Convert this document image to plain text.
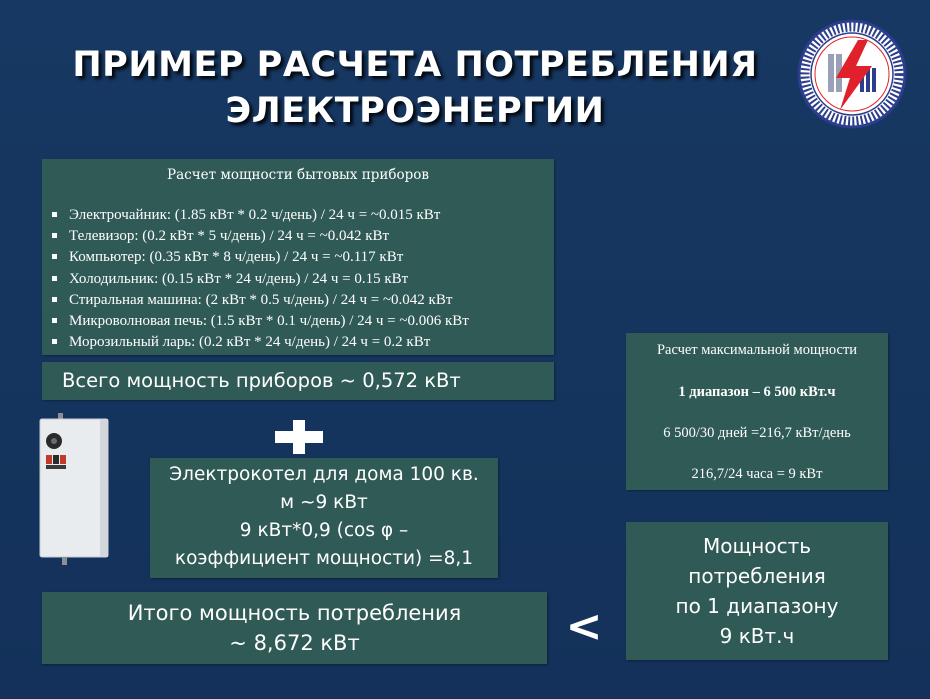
ПРИМЕР РАСЧЕТА ПОТРЕБЛЕНИЯ
ЭЛЕКТРОЭНЕРГИИ
Расчет мощности бытовых приборов
Электрочайник: (1.85 кВт * 0.2 ч/день) / 24 ч = ~0.015 кВт
Телевизор: (0.2 кВт * 5 ч/день) / 24 ч = ~0.042 кВт
Компьютер: (0.35 кВт * 8 ч/день) / 24 ч = ~0.117 кВт
Холодильник: (0.15 кВт * 24 ч/день) / 24 ч = 0.15 кВт
Стиральная машина: (2 кВт * 0.5 ч/день) / 24 ч = ~0.042 кВт
Микроволновая печь: (1.5 кВт * 0.1 ч/день) / 24 ч = ~0.006 кВт
Морозильный ларь: (0.2 кВт * 24 ч/день) / 24 ч = 0.2 кВт
Всего мощность приборов ~ 0,572 кВт
Расчет максимальной мощности
1 диапазон – 6 500 кВт.ч
6 500/30 дней =216,7 кВт/день
216,7/24 часа = 9 кВт
Электрокотел для дома 100 кв.
м ~9 кВт
9 кВт*0,9 (cos φ –
коэффициент мощности) =8,1
Итого мощность потребления
~ 8,672 кВт	<
Мощность
потребления
по 1 диапазону
9 кВт.ч
